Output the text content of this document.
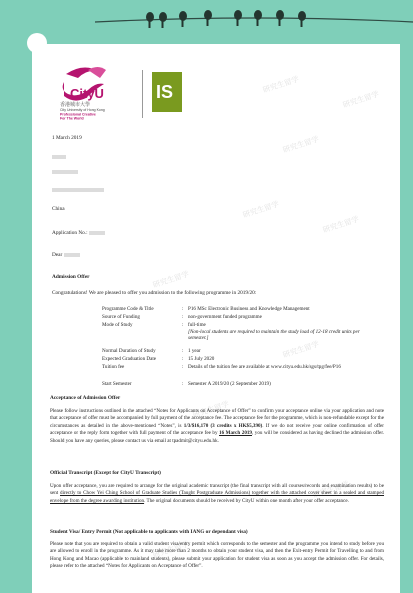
研究生留学
研究生留学
研究生留学
研究生留学
研究生留学
研究生留学
研究生留学
研究生留学
研究生留学
研究生留学
CityU
香港城市大學
City University of Hong Kong
Professional Creative
For The World
IS
1 March 2019
China
Application No.:
Dear
Admission Offer
Congratulations! We are pleased to offer you admission to the following programme in 2019/20:
Programme Code & Title	: P16 MSc Electronic Business and Knowledge Management
Source of Funding	: non-government funded programme
Mode of Study	: full-time
[Non-local students are required to maintain the study load of 12-18 credit units per semester.]
Normal Duration of Study	: 1 year
Expected Graduation Date	: 15 July 2020
Tuition fee	: Details of the tuition fee are available at www.cityu.edu.hk/sgs/tpg/fee/P16
Start Semester	: Semester A 2019/20 (2 September 2019)
Acceptance of Admission Offer
Please follow instructions outlined in the attached “Notes for Applicants on Acceptance of Offer” to confirm your acceptance online via your application and note that acceptance of offer must be accompanied by full payment of the acceptance fee. The acceptance fee for the programme, which is non-refundable except for the circumstances as detailed in the above-mentioned “Notes”, is 1/3/$16,170 (3 credits x HK$5,390). If we do not receive your online confirmation of offer acceptance or the reply form together with full payment of the acceptance fee by 16 March 2019, you will be considered as having declined the admission offer. Should you have any queries, please contact us via email at tpadmit@cityu.edu.hk.
Official Transcript (Except for CityU Transcript)
Upon offer acceptance, you are required to arrange for the original academic transcript (the final transcript with all courses/records and examination results) to be sent directly to Chow Yei Ching School of Graduate Studies (Taught Postgraduate Admissions) together with the attached cover sheet in a sealed and stamped envelope from the degree awarding institution. The original documents should be received by CityU within one month after your offer acceptance.
Student Visa/ Entry Permit (Not applicable to applicants with IANG or dependant visa)
Please note that you are required to obtain a valid student visa/entry permit which corresponds to the semester and the programme you intend to study before you are allowed to enroll in the programme. As it may take more than 2 months to obtain your student visa, and then the Exit-entry Permit for Travelling to and from Hong Kong and Macao (applicable to mainland students), please submit your application for student visa as soon as you accept the admission offer. For details, please refer to the attached “Notes for Applicants on Acceptance of Offer”.
